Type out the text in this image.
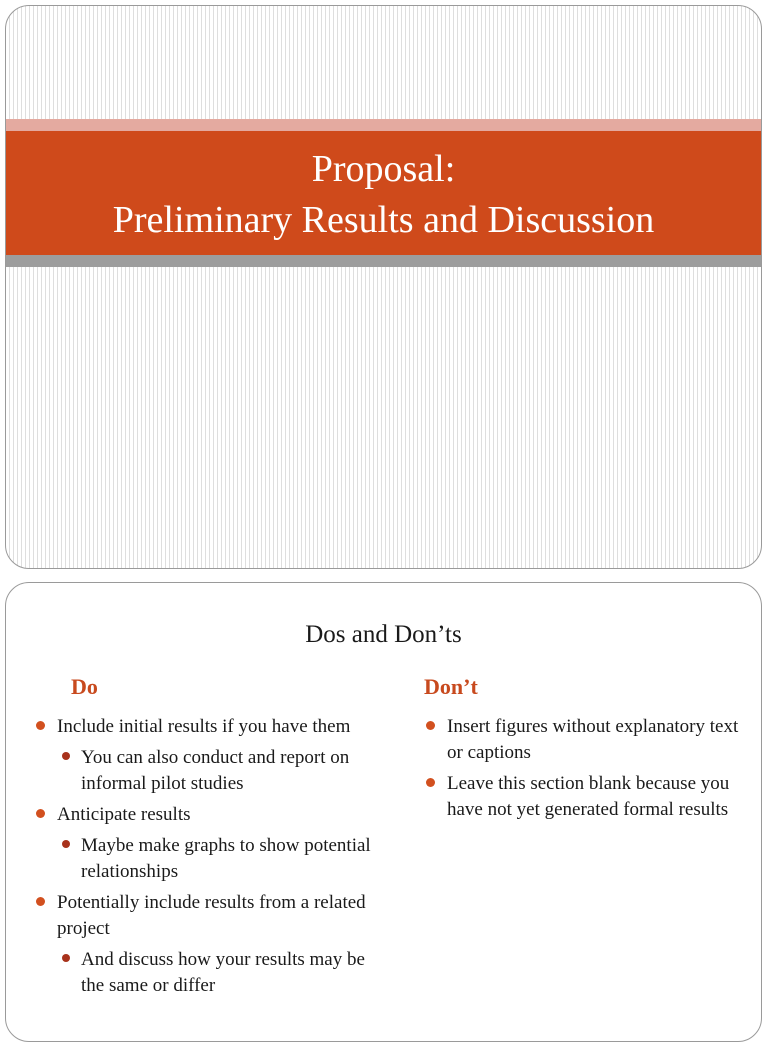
Proposal:
Preliminary Results and Discussion
Dos and Don’ts
Do	Don’t
Include initial results if you have them
You can also conduct and report on informal pilot studies
Anticipate results
Maybe make graphs to show potential relationships
Potentially include results from a related project
And discuss how your results may be the same or differ
Insert figures without explanatory text or captions
Leave this section blank because you have not yet generated formal results
